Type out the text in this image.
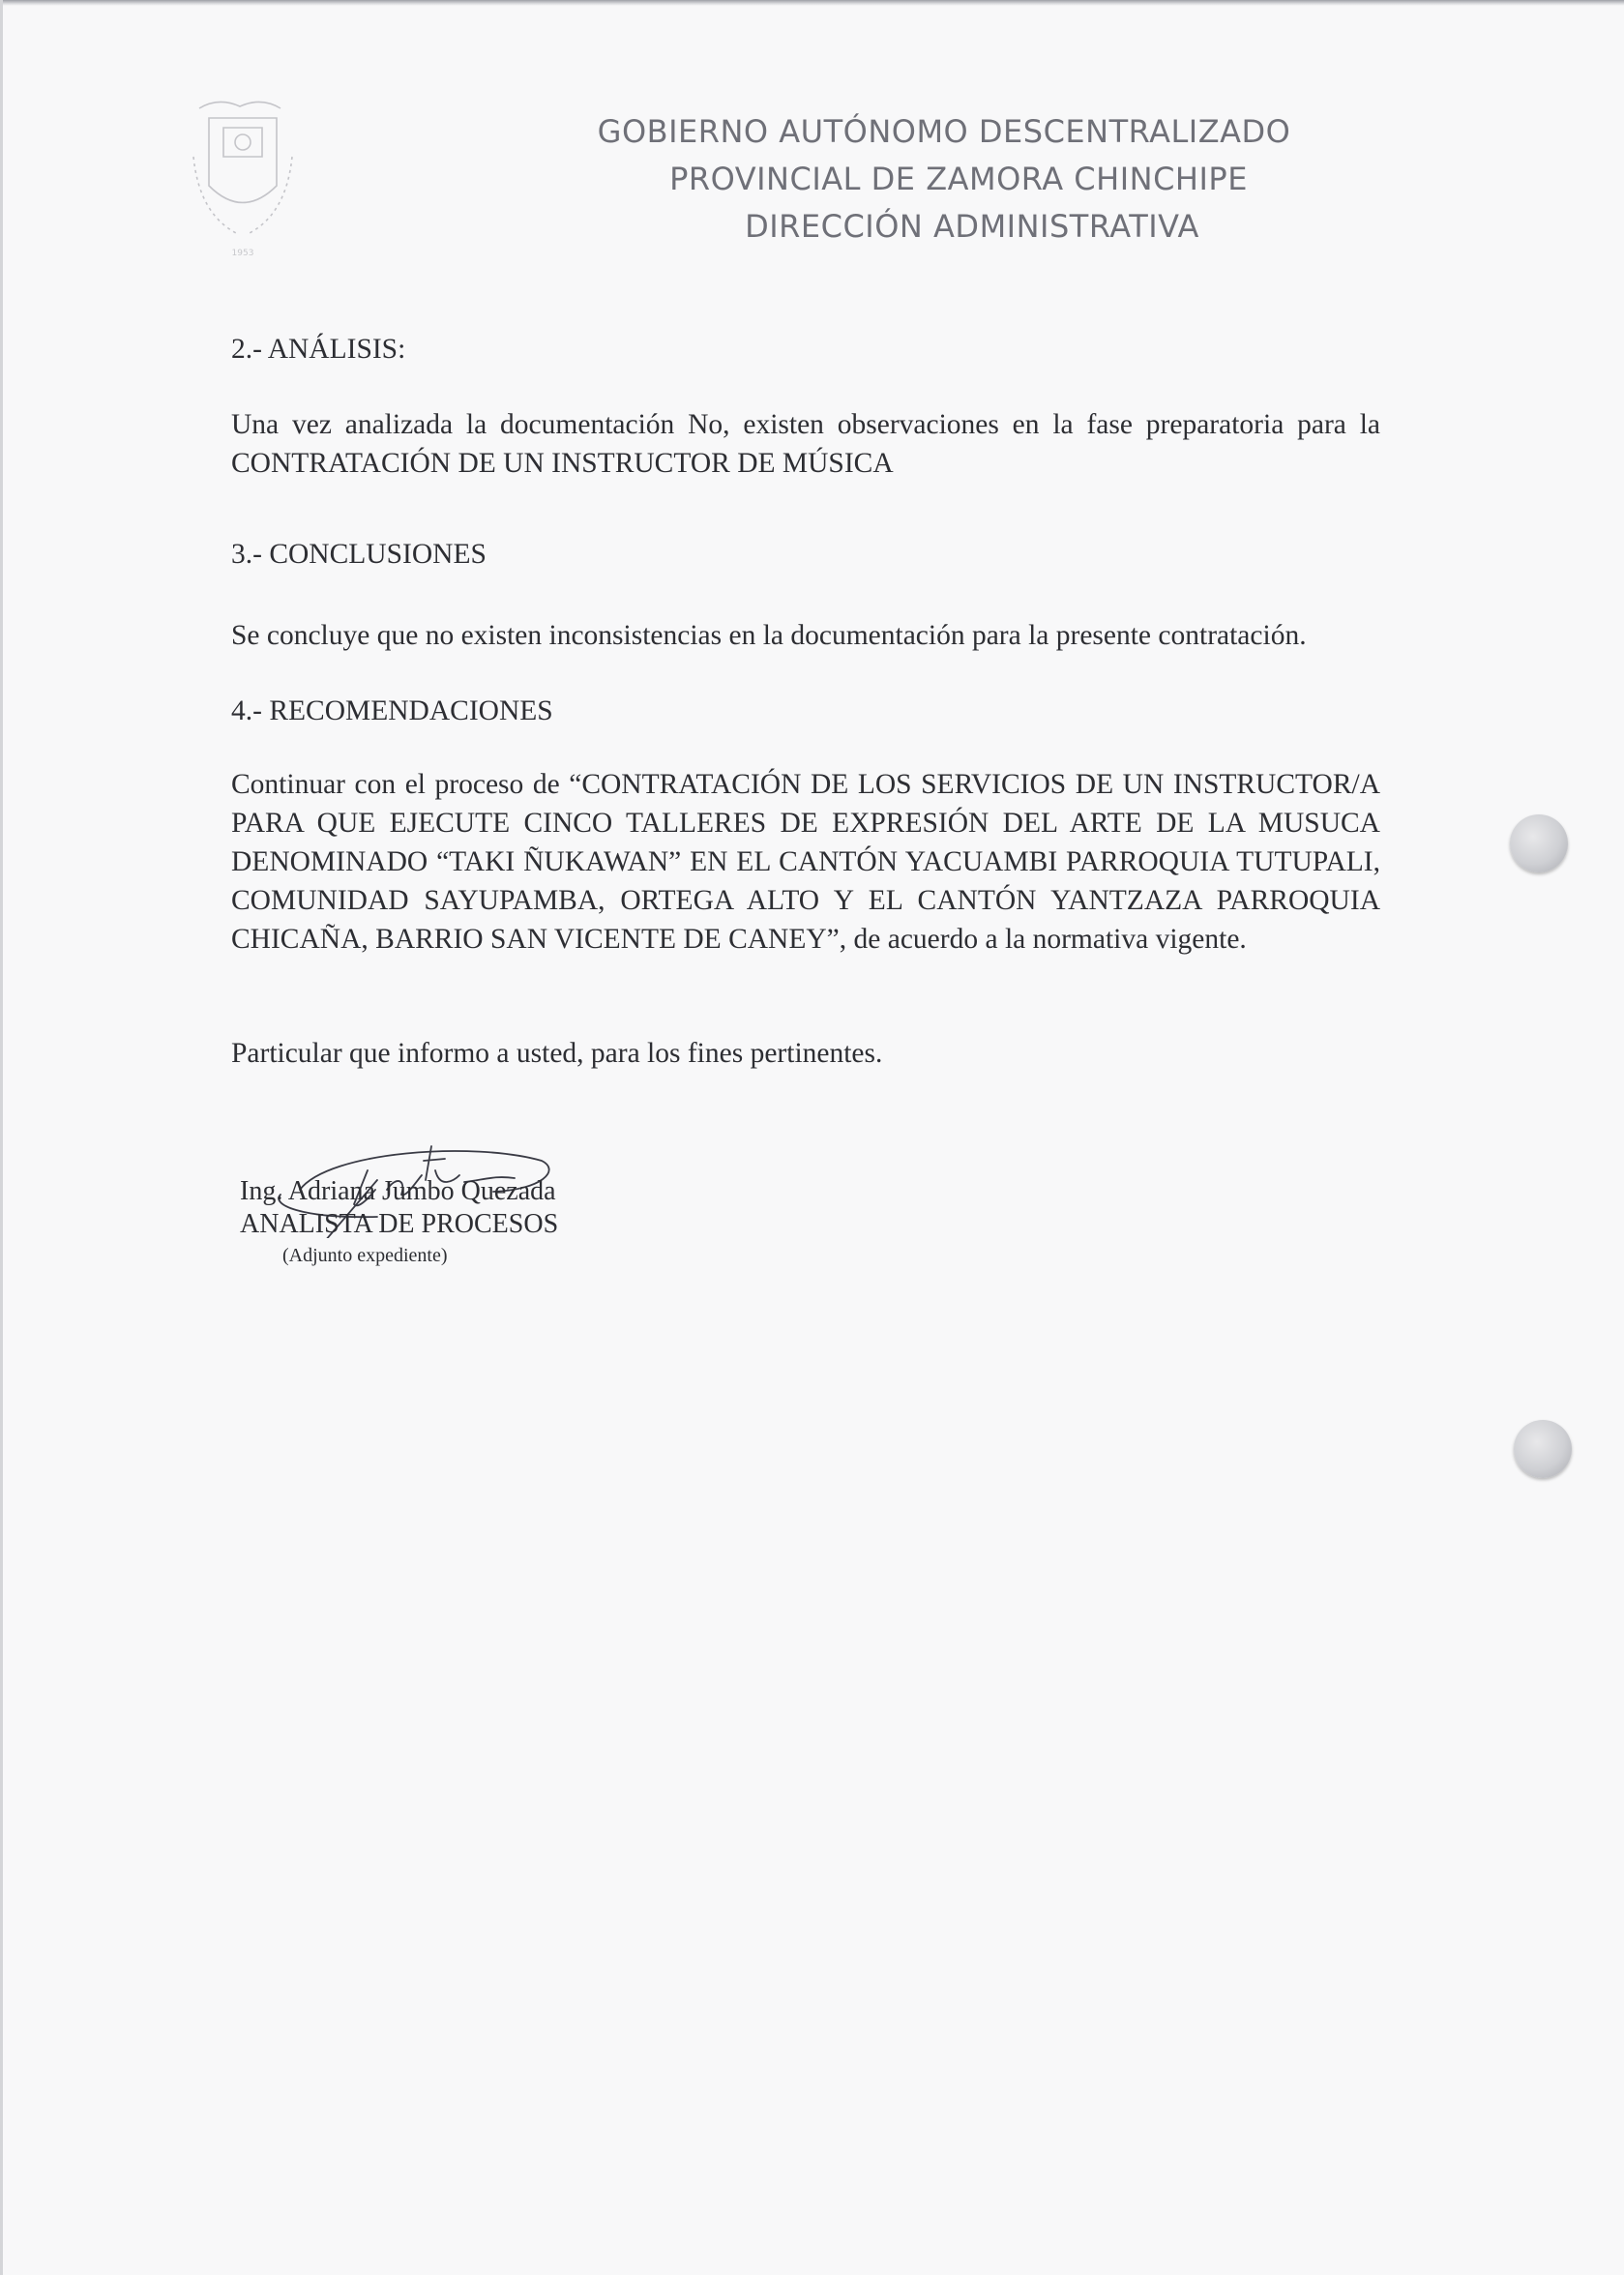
1953
GOBIERNO AUTÓNOMO DESCENTRALIZADO
PROVINCIAL DE ZAMORA CHINCHIPE
DIRECCIÓN ADMINISTRATIVA
2.- ANÁLISIS:
Una vez analizada la documentación No, existen observaciones en la fase preparatoria para la CONTRATACIÓN DE UN INSTRUCTOR DE MÚSICA
3.- CONCLUSIONES
Se concluye que no existen inconsistencias en la documentación para la presente contratación.
4.- RECOMENDACIONES
Continuar con el proceso de “CONTRATACIÓN DE LOS SERVICIOS DE UN INSTRUCTOR/A PARA QUE EJECUTE CINCO TALLERES DE EXPRESIÓN DEL ARTE DE LA MUSUCA DENOMINADO “TAKI ÑUKAWAN” EN EL CANTÓN YACUAMBI PARROQUIA TUTUPALI, COMUNIDAD SAYUPAMBA, ORTEGA ALTO Y EL CANTÓN YANTZAZA PARROQUIA CHICAÑA, BARRIO SAN VICENTE DE CANEY”, de acuerdo a la normativa vigente.
Particular que informo a usted, para los fines pertinentes.
Ing. Adriana Jumbo Quezada
ANALISTA DE PROCESOS
(Adjunto expediente)
